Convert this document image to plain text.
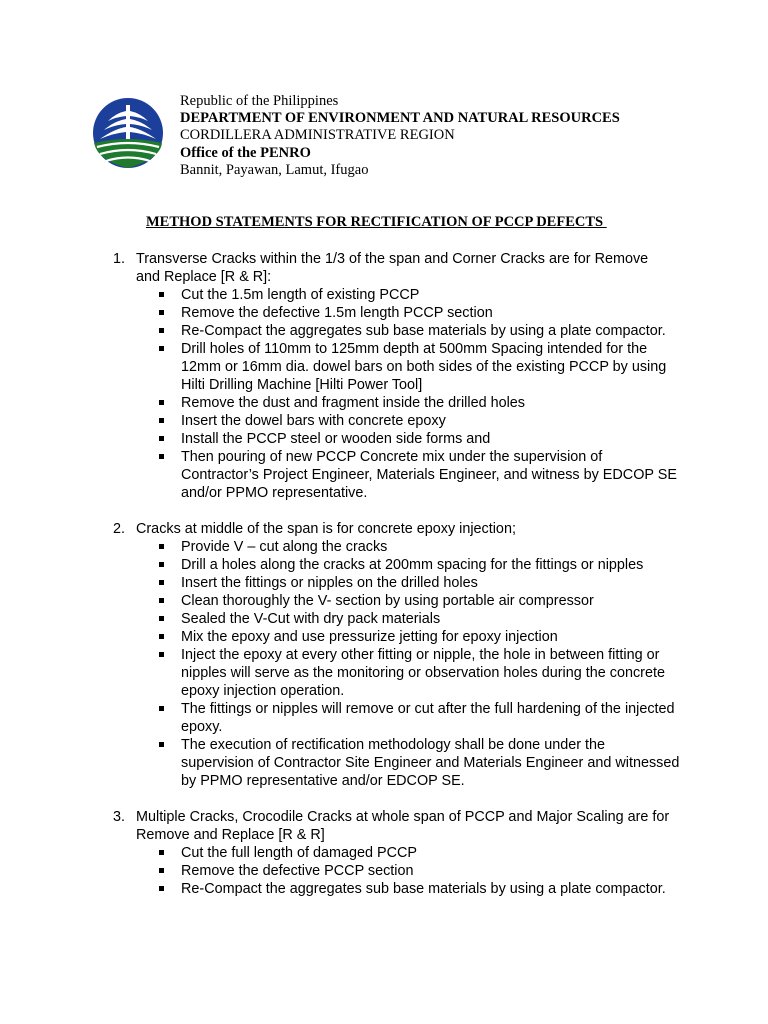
Republic of the Philippines
DEPARTMENT OF ENVIRONMENT AND NATURAL RESOURCES
CORDILLERA ADMINISTRATIVE REGION
Office of the PENRO
Bannit, Payawan, Lamut, Ifugao
METHOD STATEMENTS FOR RECTIFICATION OF PCCP DEFECTS
1. Transverse Cracks within the 1/3 of the span and Corner Cracks are for Remove and Replace [R & R]:
Cut the 1.5m length of existing PCCP
Remove the defective 1.5m length PCCP section
Re-Compact the aggregates sub base materials by using a plate compactor.
Drill holes of 110mm to 125mm depth at 500mm Spacing intended for the 12mm or 16mm dia. dowel bars on both sides of the existing PCCP by using Hilti Drilling Machine [Hilti Power Tool]
Remove the dust and fragment inside the drilled holes
Insert the dowel bars with concrete epoxy
Install the PCCP steel or wooden side forms and
Then pouring of new PCCP Concrete mix under the supervision of Contractor’s Project Engineer, Materials Engineer, and witness by EDCOP SE and/or PPMO representative.
2. Cracks at middle of the span is for concrete epoxy injection;
Provide V – cut along the cracks
Drill a holes along the cracks at 200mm spacing for the fittings or nipples
Insert the fittings or nipples on the drilled holes
Clean thoroughly the V- section by using portable air compressor
Sealed the V-Cut with dry pack materials
Mix the epoxy and use pressurize jetting for epoxy injection
Inject the epoxy at every other fitting or nipple, the hole in between fitting or nipples will serve as the monitoring or observation holes during the concrete epoxy injection operation.
The fittings or nipples will remove or cut after the full hardening of the injected epoxy.
The execution of rectification methodology shall be done under the supervision of Contractor Site Engineer and Materials Engineer and witnessed by PPMO representative and/or EDCOP SE.
3. Multiple Cracks, Crocodile Cracks at whole span of PCCP and Major Scaling are for Remove and Replace [R & R]
Cut the full length of damaged PCCP
Remove the defective PCCP section
Re-Compact the aggregates sub base materials by using a plate compactor.
